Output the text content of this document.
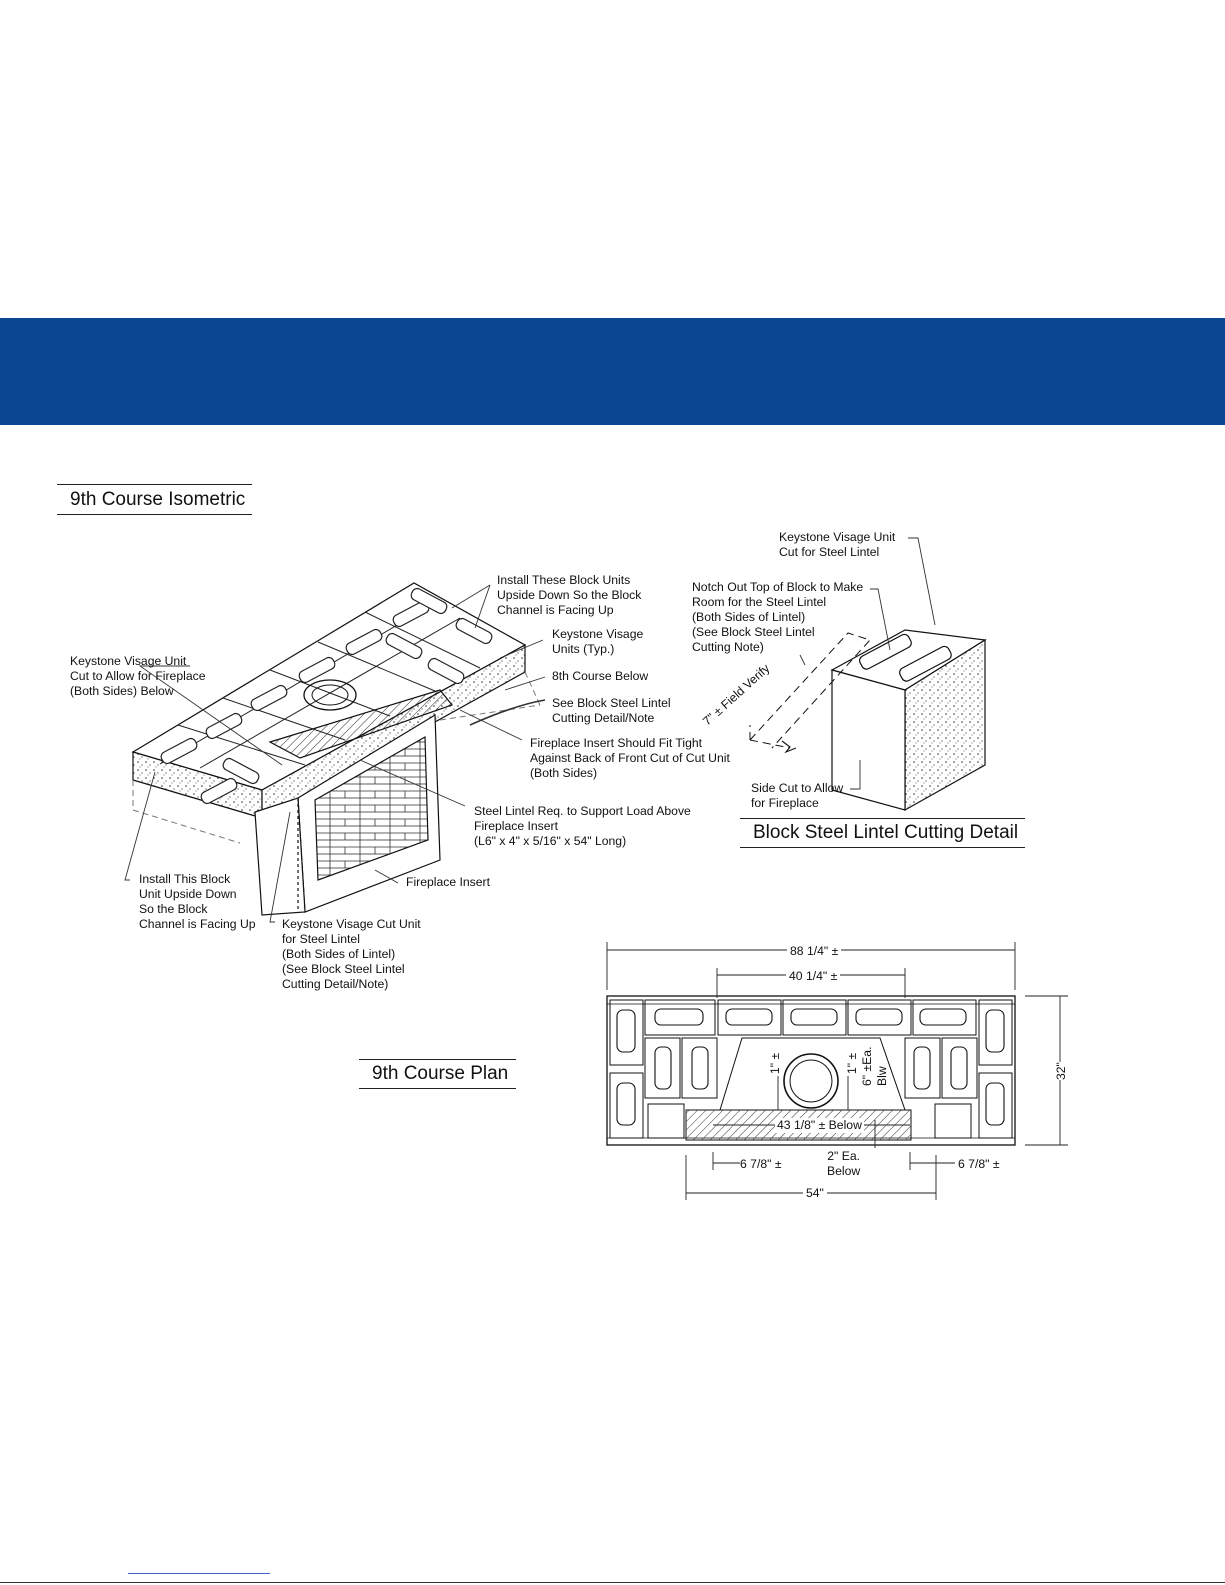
9th Course Isometric
Block Steel Lintel Cutting Detail
9th Course Plan
Install These Block Units
Upside Down So the Block
Channel is Facing Up
Keystone Visage
Units (Typ.)
8th Course Below
See Block Steel Lintel
Cutting Detail/Note
Fireplace Insert Should Fit Tight
Against Back of Front Cut of Cut Unit
(Both Sides)
Steel Lintel Req. to Support Load Above
Fireplace Insert
(L6" x 4" x 5/16" x 54" Long)
Fireplace Insert
Keystone Visage Cut Unit
for Steel Lintel
(Both Sides of Lintel)
(See Block Steel Lintel
Cutting Detail/Note)
Install This Block
Unit Upside Down
So the Block
Channel is Facing Up
Keystone Visage Unit
Cut to Allow for Fireplace
(Both Sides) Below
Keystone Visage Unit
Cut for Steel Lintel
Notch Out Top of Block to Make
Room for the Steel Lintel
(Both Sides of Lintel)
(See Block Steel Lintel
Cutting Note)
7" ± Field Verify
Side Cut to Allow
for Fireplace
88 1/4" ±
40 1/4" ±
43 1/8" ± Below
6 7/8" ±	6 7/8" ±
54"
2" Ea.
Below
32"
1" ±	1" ±
6" ±Ea.
Blw
